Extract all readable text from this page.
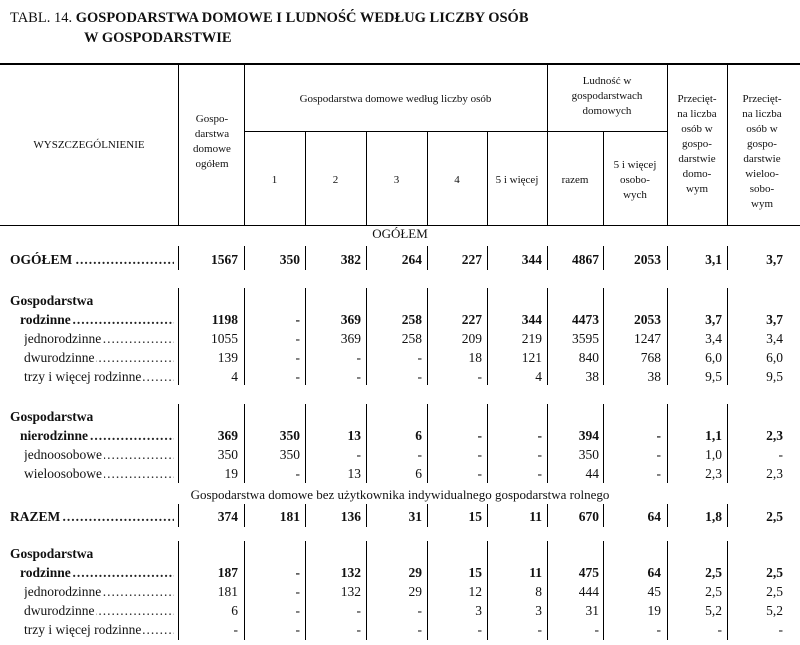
TABL. 14. GOSPODARSTWA DOMOWE I LUDNOŚĆ WEDŁUG LICZBY OSÓB
W GOSPODARSTWIE
WYSZCZEGÓLNIENIE
Gospo-
darstwa
domowe
ogółem
Gospodarstwa domowe według liczby osób
1	2	3	4	5 i więcej
Ludność w
gospodarstwach
domowych
razem
5 i więcej
osobo-
wych
Przecięt-
na liczba
osób w
gospo-
darstwie
domo-
wym
Przecięt-
na liczba
osób w
gospo-
darstwie
wieloo-
sobo-
wym
OGÓŁEM
Gospodarstwa domowe bez użytkownika indywidualnego gospodarstwa rolnego
OGÓŁEM .....	1567	350	382	264	227	344	4867	2053	3,1	3,7
Gospodarstwa
rodzinne .....	1198	-	369	258	227	344	4473	2053	3,7	3,7
jednorodzinne .....	1055	-	369	258	209	219	3595	1247	3,4	3,4
dwurodzinne .....	139	-	-	-	18	121	840	768	6,0	6,0
trzy i więcej rodzinne .....	4	-	-	-	-	4	38	38	9,5	9,5
Gospodarstwa
nierodzinne .....	369	350	13	6	-	-	394	-	1,1	2,3
jednoosobowe .....	350	350	-	-	-	-	350	-	1,0	-
wieloosobowe .....	19	-	13	6	-	-	44	-	2,3	2,3
RAZEM .....	374	181	136	31	15	11	670	64	1,8	2,5
Gospodarstwa
rodzinne .....	187	-	132	29	15	11	475	64	2,5	2,5
jednorodzinne .....	181	-	132	29	12	8	444	45	2,5	2,5
dwurodzinne .....	6	-	-	-	3	3	31	19	5,2	5,2
trzy i więcej rodzinne .....	-	-	-	-	-	-	-	-	-	-
